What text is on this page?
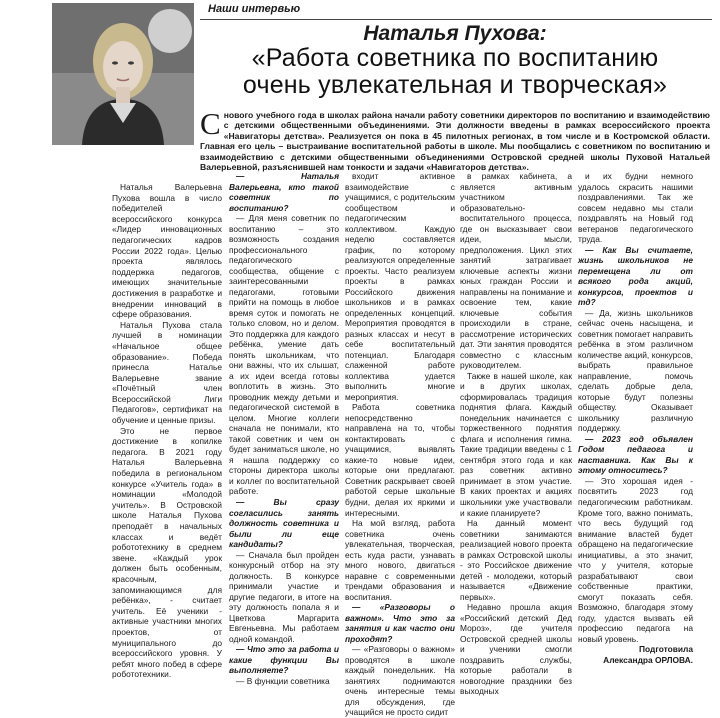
Наши интервью
Наталья Пухова:
«Работа советника по воспитанию
очень увлекательная и творческая»
Снового учебного года в школах района начали работу советники директоров по воспитанию и взаимодействию с детскими общественными объединениями. Эти должности введены в рамках всероссийского проекта «Навигаторы детства». Реализуется он пока в 45 пилотных регионах, в том числе и в Костромской области. Главная его цель – выстраивание воспитательной работы в школе. Мы пообщались с советником по воспитанию и взаимодействию с детскими общественными объединениями Островской средней школы Пуховой Натальей Валерьевной, разъяснившей нам тонкости и задачи «Навигаторов детства».

Наталья Валерьевна Пухова вошла в число победителей всероссийского конкурса «Лидер инновационных педагогических кадров России 2022 года». Целью проекта являлось поддержка педагогов, имеющих значительные достижения в разработке и внедрении инноваций в сфере образования.

Наталья Пухова стала лучшей в номинации «Начальное общее образование». Победа принесла Наталье Валерьевне звание «Почётный член Всероссийской Лиги Педагогов», сертификат на обучение и ценные призы.

Это не первое достижение в копилке педагога. В 2021 году Наталья Валерьевна победила в региональном конкурсе «Учитель года» в номинации «Молодой учитель». В Островской школе Наталья Пухова преподаёт в начальных классах и ведёт робототехнику в среднем звене. «Каждый урок должен быть особенным, красочным, запоминающимся для ребёнка», - считает учитель. Её ученики - активные участники многих проектов, от муниципального до всероссийского уровня. У ребят много побед в сфере робототехники.

— Наталья Валерьевна, кто такой советник по воспитанию?

— Для меня советник по воспитанию – это возможность создания профессионального педагогического сообщества, общение с заинтересованными педагогами, готовыми прийти на помощь в любое время суток и помогать не только словом, но и делом. Это поддержка для каждого ребёнка, умение дать понять школьникам, что они важны, что их слышат, а их идеи всегда готовы воплотить в жизнь. Это проводник между детьми и педагогической системой в целом. Многие коллеги сначала не понимали, кто такой советник и чем он будет заниматься школе, но я нашла поддержку со стороны директора школы и коллег по воспитательной работе.

— Вы сразу согласились занять должность советника и были ли еще кандидаты?

— Сначала был пройден конкурсный отбор на эту должность. В конкурсе принимали участие и другие педагоги, в итоге на эту должность попала я и Цветкова Маргарита Евгеньевна. Мы работаем одной командой.

— Что это за работа и какие функции Вы выполняете?

— В функции советника

входит активное взаимодействие с учащимися, с родительским сообществом и педагогическим коллективом. Каждую неделю составляется график, по которому реализуются определенные проекты. Часто реализуем проекты в рамках Российского движения школьников и в рамках определенных концепций. Мероприятия проводятся в разных классах и несут в себе воспитательный потенциал. Благодаря слаженной работе коллектива удается выполнить многие мероприятия.

Работа советника непосредственно направлена на то, чтобы контактировать с учащимися, выявлять какие-то новые идеи, которые они предлагают. Советник раскрывает своей работой серые школьные будни, делая их яркими и интересными.

На мой взгляд, работа советника очень увлекательная, творческая, есть куда расти, узнавать много нового, двигаться наравне с современными трендами образования и воспитания.

— «Разговоры о важном». Что это за занятия и как часто они проходят?

— «Разговоры о важном» проводятся в школе каждый понедельник. На занятиях поднимаются очень интересные темы для обсуждения, где учащийся не просто сидит

в рамках кабинета, а является активным участником образовательно-воспитательного процесса, где он высказывает свои идеи, мысли, предположения. Цикл этих занятий затрагивает ключевые аспекты жизни юных граждан России и направлены на понимание и освоение тем, какие ключевые события происходили в стране, рассмотрение исторических дат. Эти занятия проводятся совместно с классным руководителем.

Также в нашей школе, как и в других школах, сформировалась традиция поднятия флага. Каждый понедельник начинается с торжественного поднятия флага и исполнения гимна. Такие традиции введены с 1 сентября этого года и как раз советник активно принимает в этом участие. В каких проектах и акциях школьники уже участвовали и какие планируете?

На данный момент советники занимаются реализацией нового проекта в рамках Островской школы - это Российское движение детей - молодежи, который называется «Движение первых».

Недавно прошла акция «Российский детский Дед Мороз», где учителя Островской средней школы и ученики смогли поздравить службы, которые работали в новогодние праздники без выходных

и их будни немного удалось скрасить нашими поздравлениями. Так же совсем недавно мы стали поздравлять на Новый год ветеранов педагогического труда.

— Как Вы считаете, жизнь школьников не перемещена ли от всякого рода акций, конкурсов, проектов и тд?

— Да, жизнь школьников сейчас очень насыщена, и советник помогает направить ребёнка в этом различном количестве акций, конкурсов, выбрать правильное направление, помочь сделать добрые дела, которые будут полезны обществу. Оказывает школьнику различную поддержку.

— 2023 год объявлен Годом педагога и наставника. Как Вы к этому относитесь?

— Это хорошая идея - посвятить 2023 год педагогическим работникам. Кроме того, важно понимать, что весь будущий год внимание властей будет обращено на педагогические инициативы, а это значит, что у учителя, которые разрабатывают свои собственные практики, смогут показать себя. Возможно, благодаря этому году, удастся вызвать ей профессию педагога на новый уровень.

Подготовила
Александра ОРЛОВА.
